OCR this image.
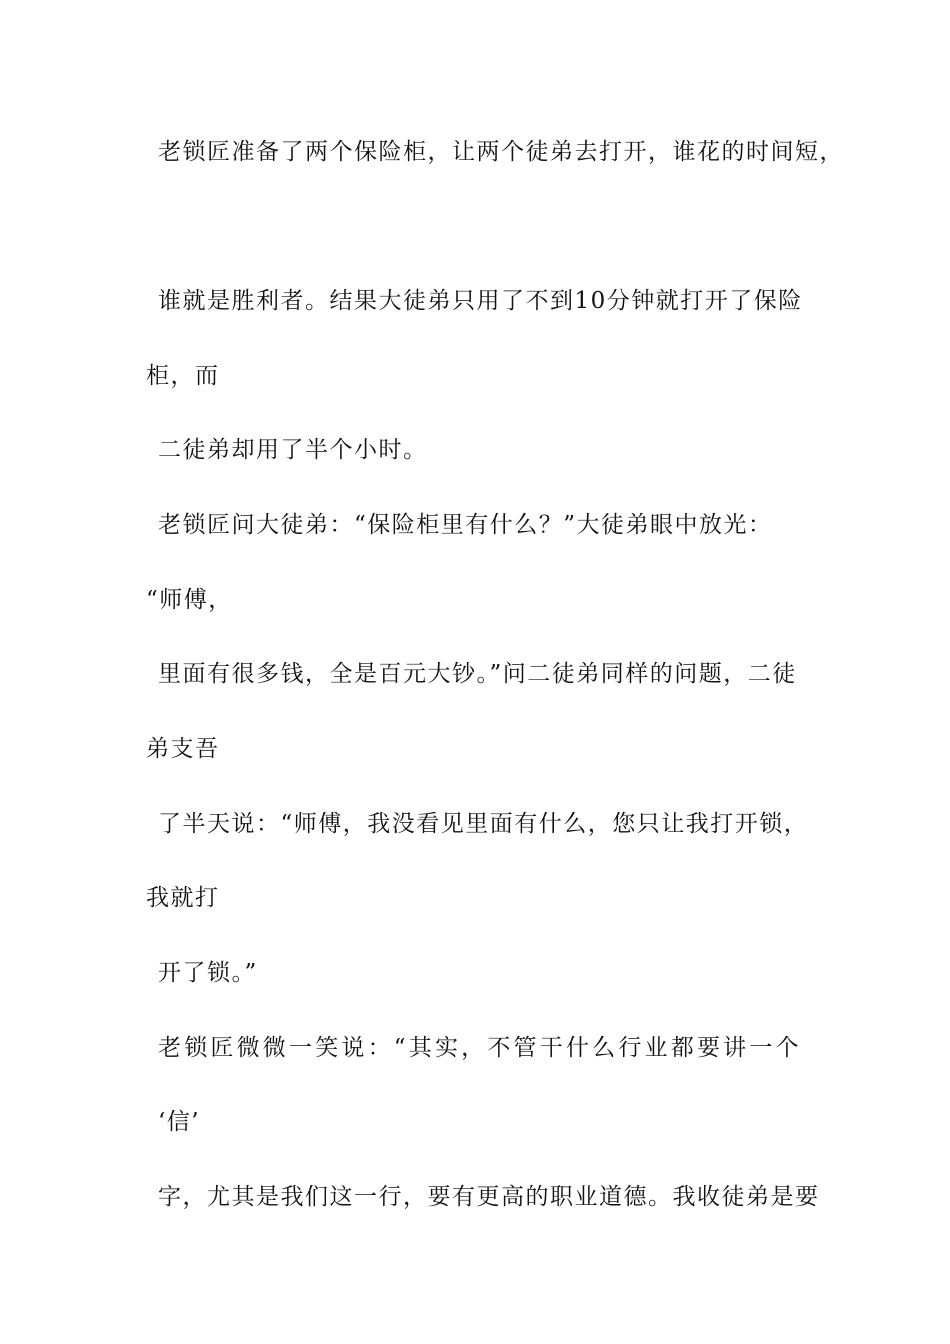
老锁匠准备了两个保险柜，让两个徒弟去打开，谁花的时间短，
谁就是胜利者。结果大徒弟只用了不到10分钟就打开了保险
柜，而
二徒弟却用了半个小时。
老锁匠问大徒弟：“保险柜里有什么？”大徒弟眼中放光：
“师傅，
里面有很多钱，全是百元大钞。”问二徒弟同样的问题，二徒
弟支吾
了半天说：“师傅，我没看见里面有什么，您只让我打开锁，
我就打
开了锁。”
老锁匠微微一笑说：“其实，不管干什么行业都要讲一个
‘信’
字，尤其是我们这一行，要有更高的职业道德。我收徒弟是要
